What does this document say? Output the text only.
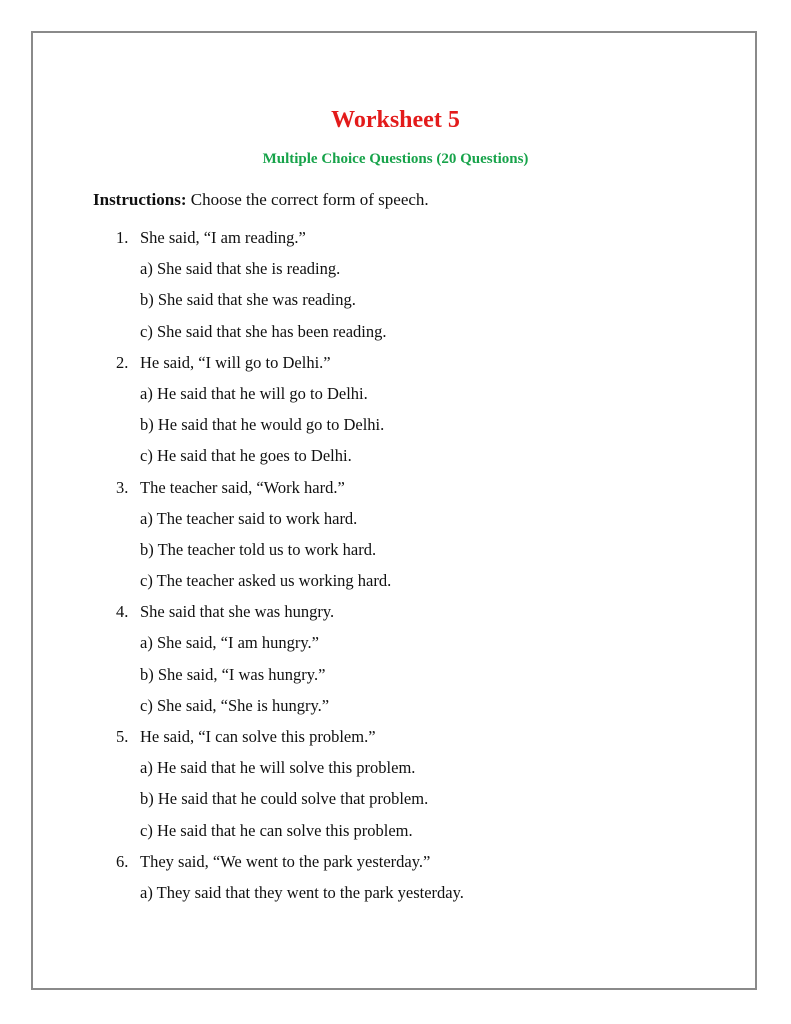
Worksheet 5
Multiple Choice Questions (20 Questions)
Instructions: Choose the correct form of speech.
1. She said, “I am reading.”
a) She said that she is reading.
b) She said that she was reading.
c) She said that she has been reading.
2. He said, “I will go to Delhi.”
a) He said that he will go to Delhi.
b) He said that he would go to Delhi.
c) He said that he goes to Delhi.
3. The teacher said, “Work hard.”
a) The teacher said to work hard.
b) The teacher told us to work hard.
c) The teacher asked us working hard.
4. She said that she was hungry.
a) She said, “I am hungry.”
b) She said, “I was hungry.”
c) She said, “She is hungry.”
5. He said, “I can solve this problem.”
a) He said that he will solve this problem.
b) He said that he could solve that problem.
c) He said that he can solve this problem.
6. They said, “We went to the park yesterday.”
a) They said that they went to the park yesterday.
